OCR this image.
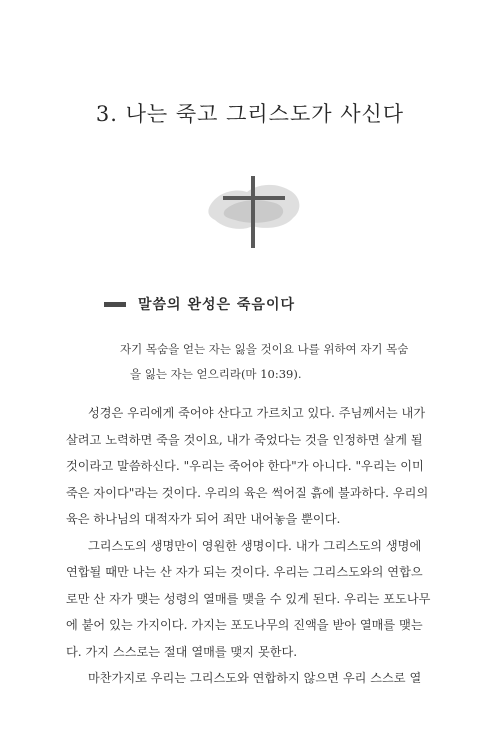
3. 나는 죽고 그리스도가 사신다
말씀의 완성은 죽음이다
자기 목숨을 얻는 자는 잃을 것이요 나를 위하여 자기 목숨
을 잃는 자는 얻으리라(마 10:39).
성경은 우리에게 죽어야 산다고 가르치고 있다. 주님께서는 내가
살려고 노력하면 죽을 것이요, 내가 죽었다는 것을 인정하면 살게 될
것이라고 말씀하신다. "우리는 죽어야 한다"가 아니다. "우리는 이미
죽은 자이다"라는 것이다. 우리의 육은 썩어질 흙에 불과하다. 우리의
육은 하나님의 대적자가 되어 죄만 내어놓을 뿐이다.
그리스도의 생명만이 영원한 생명이다. 내가 그리스도의 생명에
연합될 때만 나는 산 자가 되는 것이다. 우리는 그리스도와의 연합으
로만 산 자가 맺는 성령의 열매를 맺을 수 있게 된다. 우리는 포도나무
에 붙어 있는 가지이다. 가지는 포도나무의 진액을 받아 열매를 맺는
다. 가지 스스로는 절대 열매를 맺지 못한다.
마찬가지로 우리는 그리스도와 연합하지 않으면 우리 스스로 열
